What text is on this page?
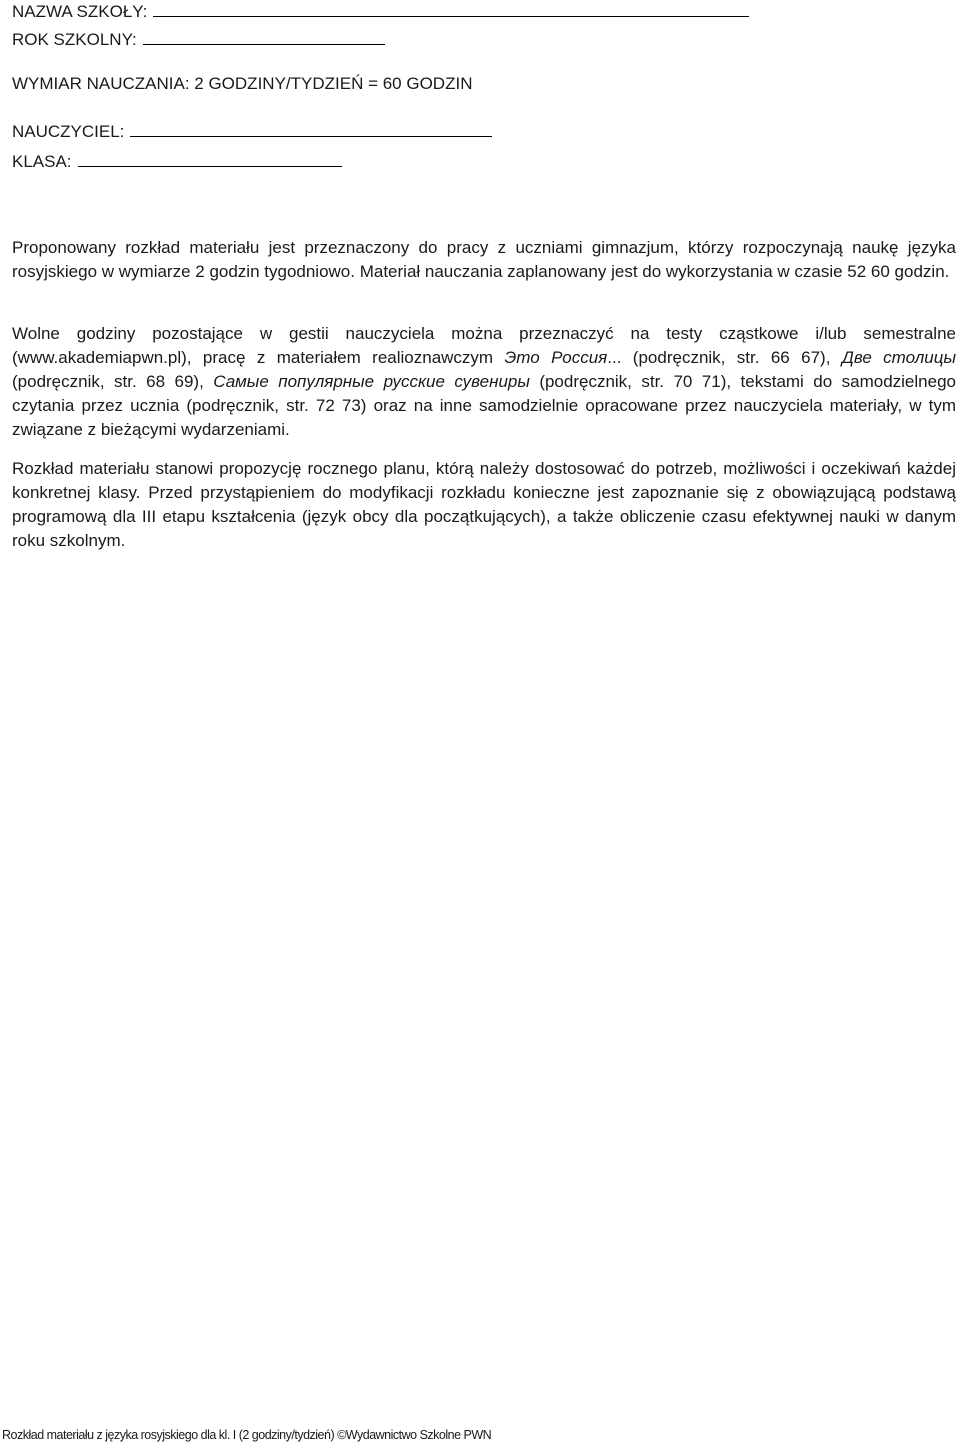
NAZWA SZKOŁY:
ROK SZKOLNY:
WYMIAR NAUCZANIA: 2 GODZINY/TYDZIEŃ = 60 GODZIN
NAUCZYCIEL:
KLASA:

Proponowany rozkład materiału jest przeznaczony do pracy z uczniami gimnazjum, którzy rozpoczynają naukę języka rosyjskiego w wymiarze 2 godzin tygodniowo. Materiał nauczania zaplanowany jest do wykorzystania w czasie 52 60 godzin.

Wolne godziny pozostające w gestii nauczyciela można przeznaczyć na testy cząstkowe i/lub semestralne (www.akademiapwn.pl), pracę z materiałem realioznawczym Это Россия... (podręcznik, str. 66 67), Две столицы (podręcznik, str. 68 69), Самые популярные русские сувениры (podręcznik, str. 70 71), tekstami do samodzielnego czytania przez ucznia (podręcznik, str. 72 73) oraz na inne samodzielnie opracowane przez nauczyciela materiały, w tym związane z bieżącymi wydarzeniami.

Rozkład materiału stanowi propozycję rocznego planu, którą należy dostosować do potrzeb, możliwości i oczekiwań każdej konkretnej klasy. Przed przystąpieniem do modyfikacji rozkładu konieczne jest zapoznanie się z obowiązującą podstawą programową dla III etapu kształcenia (język obcy dla początkujących), a także obliczenie czasu efektywnej nauki w danym roku szkolnym.

Rozkład materiału z języka rosyjskiego dla kl. I (2 godziny/tydzień) ©Wydawnictwo Szkolne PWN
